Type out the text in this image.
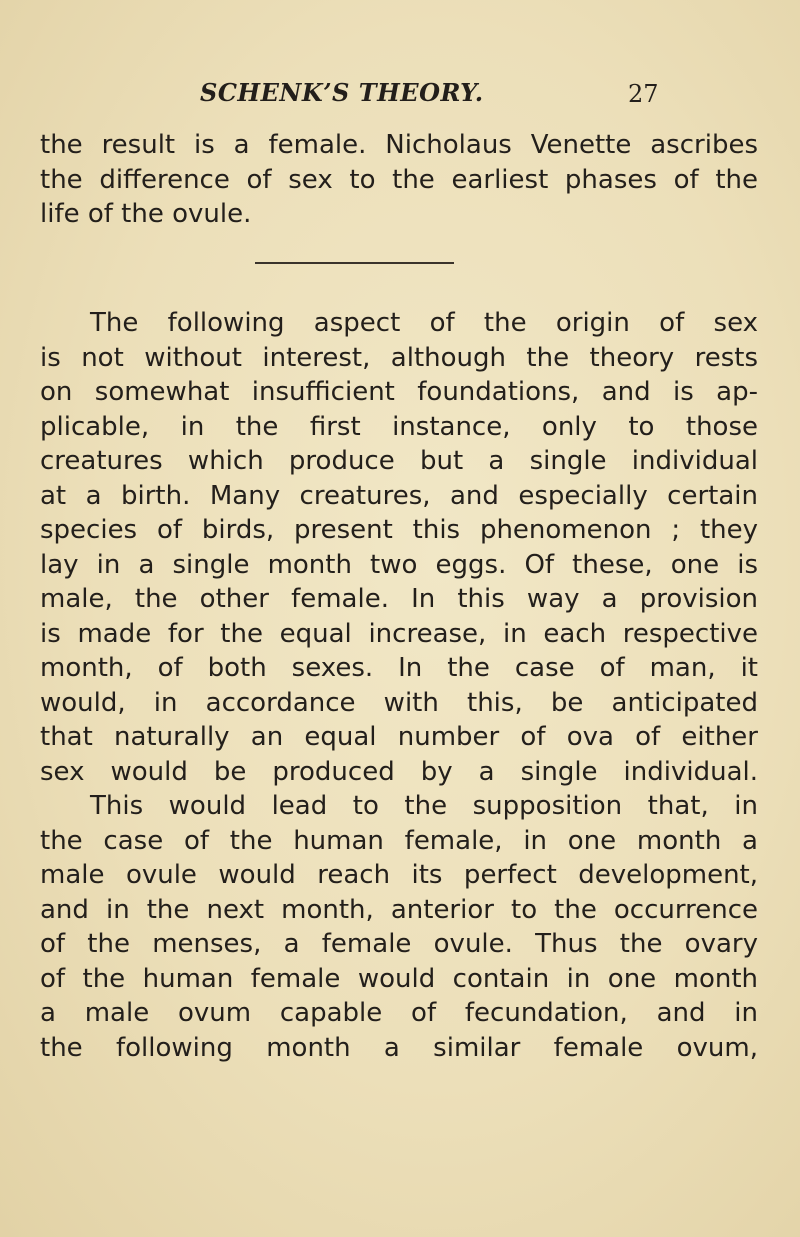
SCHENK’S THEORY.	27
the result is a female. Nicholaus Venette ascribes
the difference of sex to the earliest phases of the
life of the ovule.
The following aspect of the origin of sex
is not without interest, although the theory rests
on somewhat insufficient foundations, and is ap-
plicable, in the first instance, only to those
creatures which produce but a single individual
at a birth. Many creatures, and especially certain
species of birds, present this phenomenon ; they
lay in a single month two eggs. Of these, one is
male, the other female. In this way a provision
is made for the equal increase, in each respective
month, of both sexes. In the case of man, it
would, in accordance with this, be anticipated
that naturally an equal number of ova of either
sex would be produced by a single individual.
This would lead to the supposition that, in
the case of the human female, in one month a
male ovule would reach its perfect development,
and in the next month, anterior to the occurrence
of the menses, a female ovule. Thus the ovary
of the human female would contain in one month
a male ovum capable of fecundation, and in
the following month a similar female ovum,
